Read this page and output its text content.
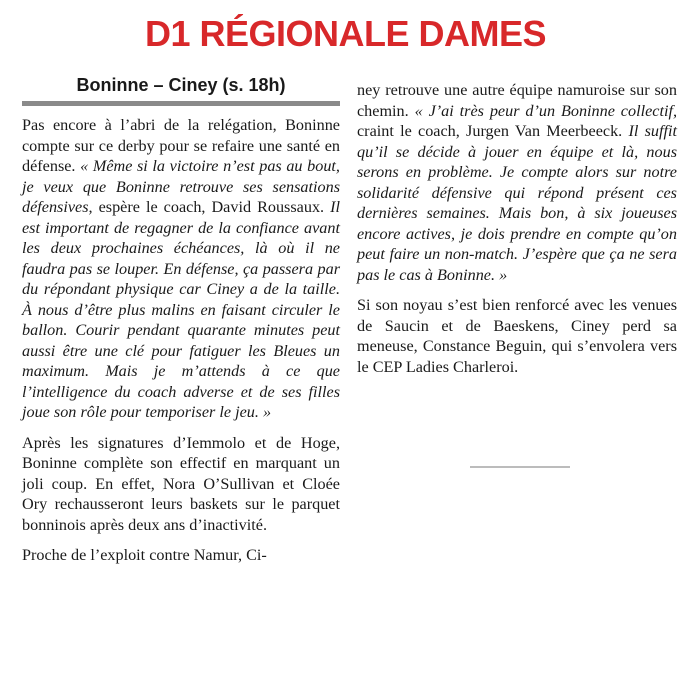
D1 RÉGIONALE DAMES
Boninne – Ciney (s. 18h)

Pas encore à l’abri de la relégation, Boninne compte sur ce derby pour se refaire une santé en défense. « Même si la victoire n’est pas au bout, je veux que Boninne retrouve ses sensations défensives, espère le coach, David Roussaux. Il est important de regagner de la confiance avant les deux prochaines échéances, là où il ne faudra pas se louper. En défense, ça passera par du répondant physique car Ciney a de la taille. À nous d’être plus malins en faisant circuler le ballon. Courir pendant quarante minutes peut aussi être une clé pour fatiguer les Bleues un maximum. Mais je m’attends à ce que l’intelligence du coach adverse et de ses filles joue son rôle pour temporiser le jeu. »

Après les signatures d’Iemmolo et de Hoge, Boninne complète son effectif en marquant un joli coup. En effet, Nora O’Sullivan et Cloée Ory rechausseront leurs baskets sur le parquet bonninois après deux ans d’inactivité.

Proche de l’exploit contre Namur, Ci-

ney retrouve une autre équipe namuroise sur son chemin. « J’ai très peur d’un Boninne collectif, craint le coach, Jurgen Van Meerbeeck. Il suffit qu’il se décide à jouer en équipe et là, nous serons en problème. Je compte alors sur notre solidarité défensive qui répond présent ces dernières semaines. Mais bon, à six joueuses encore actives, je dois prendre en compte qu’on peut faire un non-match. J’espère que ça ne sera pas le cas à Boninne. »

Si son noyau s’est bien renforcé avec les venues de Saucin et de Baeskens, Ciney perd sa meneuse, Constance Beguin, qui s’envolera vers le CEP Ladies Charleroi.
